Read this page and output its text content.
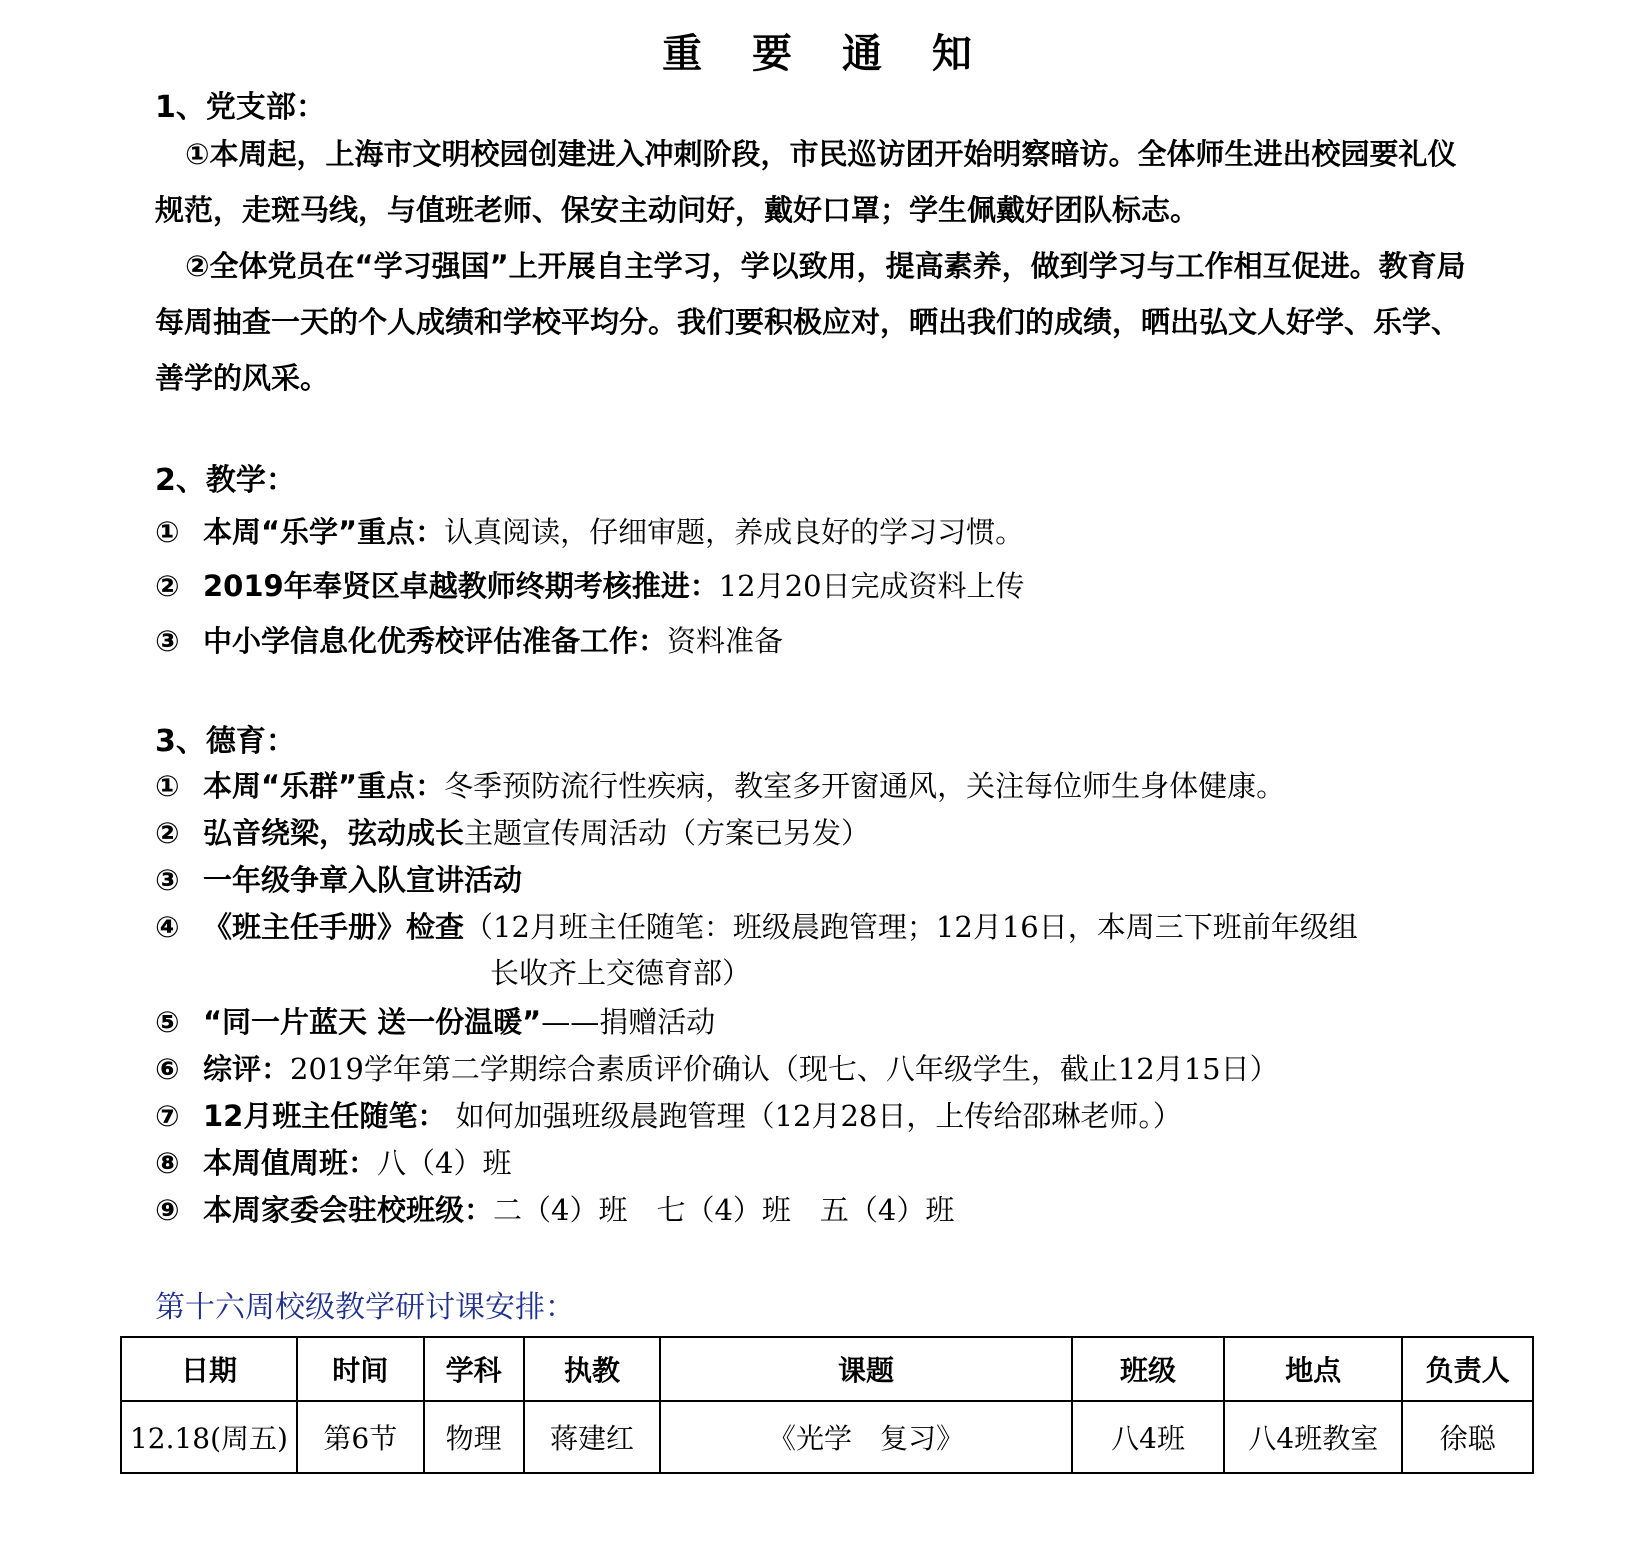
重 要 通 知
1、党支部：
①本周起，上海市文明校园创建进入冲刺阶段，市民巡访团开始明察暗访。全体师生进出校园要礼仪规范，走斑马线，与值班老师、保安主动问好，戴好口罩；学生佩戴好团队标志。
②全体党员在“学习强国”上开展自主学习，学以致用，提高素养，做到学习与工作相互促进。教育局每周抽查一天的个人成绩和学校平均分。我们要积极应对，晒出我们的成绩，晒出弘文人好学、乐学、善学的风采。
2、教学：
① 本周“乐学”重点：认真阅读，仔细审题，养成良好的学习习惯。
② 2019年奉贤区卓越教师终期考核推进：12月20日完成资料上传
③ 中小学信息化优秀校评估准备工作：资料准备
3、德育：
① 本周“乐群”重点：冬季预防流行性疾病，教室多开窗通风，关注每位师生身体健康。
② 弘音绕梁，弦动成长主题宣传周活动（方案已另发）
③ 一年级争章入队宣讲活动
④ 《班主任手册》检查（12月班主任随笔：班级晨跑管理；12月16日，本周三下班前年级组
长收齐上交德育部）
⑤ “同一片蓝天 送一份温暖”——捐赠活动
⑥ 综评：2019学年第二学期综合素质评价确认（现七、八年级学生，截止12月15日）
⑦ 12月班主任随笔： 如何加强班级晨跑管理（12月28日，上传给邵琳老师。）
⑧ 本周值周班：八（4）班
⑨ 本周家委会驻校班级：二（4）班　七（4）班　五（4）班
第十六周校级教学研讨课安排：
日期	时间	学科	执教	课题	班级	地点	负责人
12.18(周五)	第6节	物理	蒋建红	《光学　复习》	八4班	八4班教室	徐聪
